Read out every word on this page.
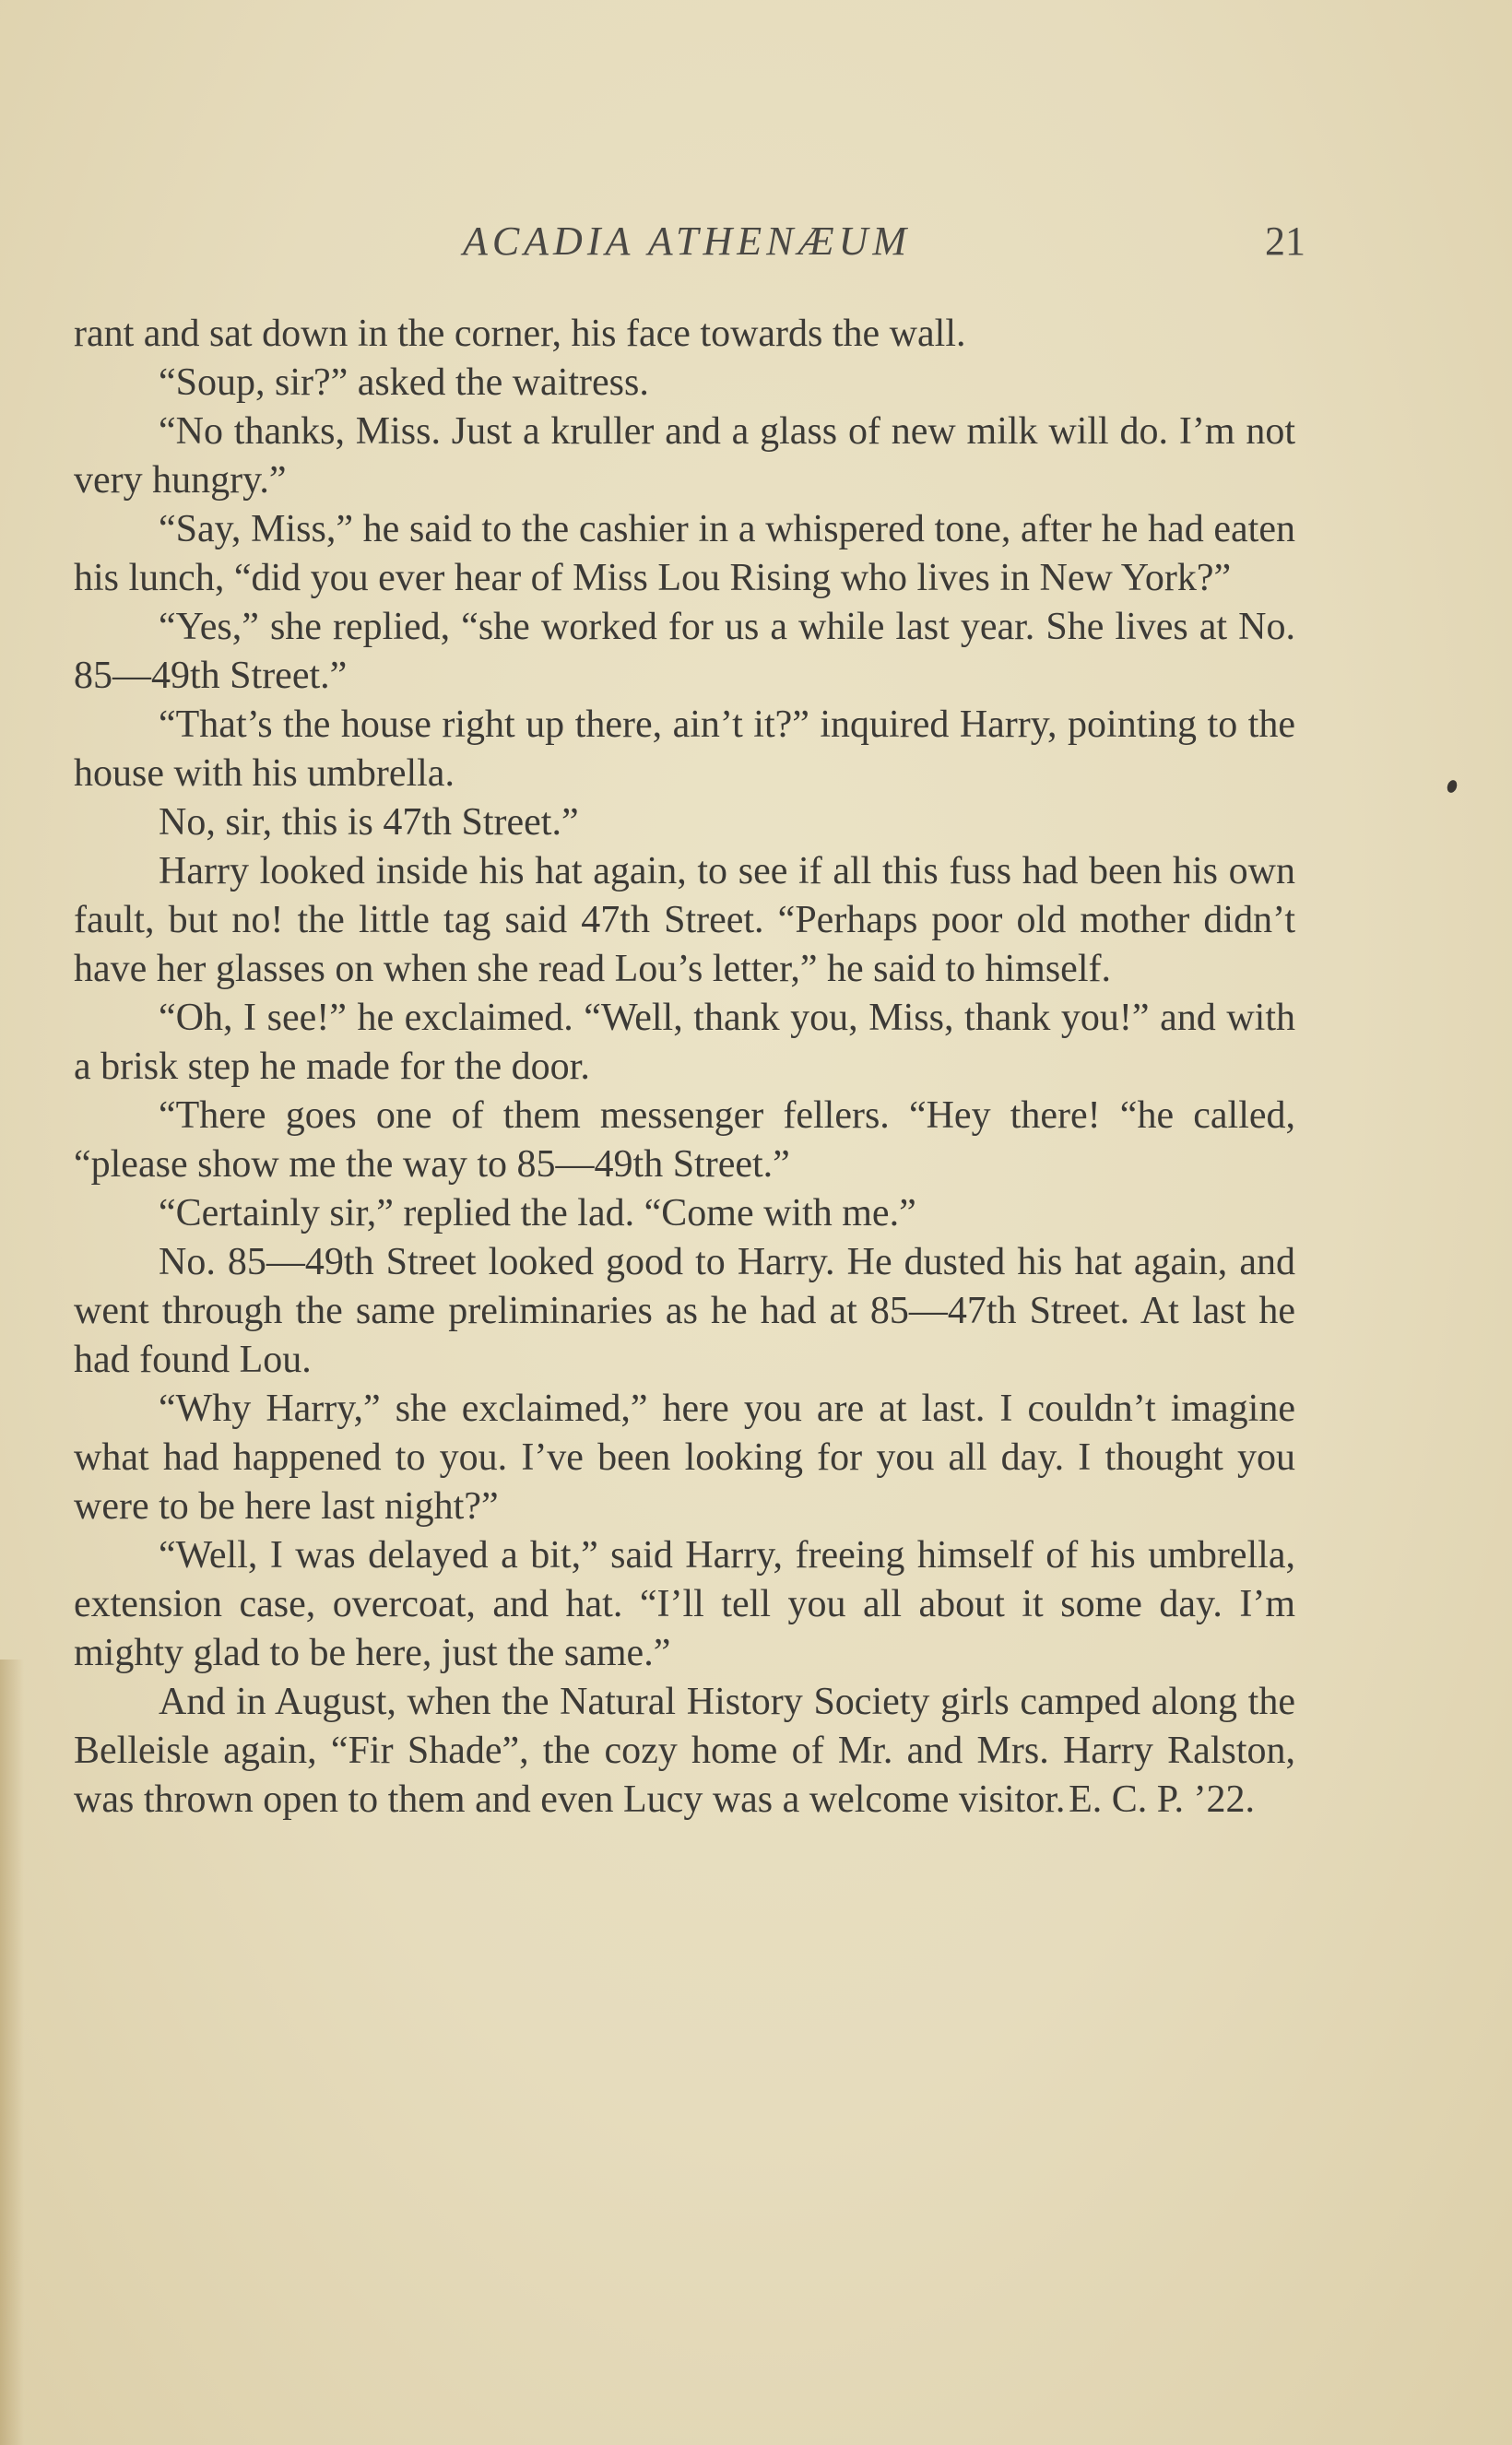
ACADIA ATHENÆUM	21

rant and sat down in the corner, his face towards the wall.

“Soup, sir?” asked the waitress.

“No thanks, Miss. Just a kruller and a glass of new milk will do. I’m not very hungry.”

“Say, Miss,” he said to the cashier in a whispered tone, after he had eaten his lunch, “did you ever hear of Miss Lou Rising who lives in New York?”

“Yes,” she replied, “she worked for us a while last year. She lives at No. 85—49th Street.”

“That’s the house right up there, ain’t it?” inquired Harry, pointing to the house with his umbrella.

No, sir, this is 47th Street.”

Harry looked inside his hat again, to see if all this fuss had been his own fault, but no! the little tag said 47th Street. “Perhaps poor old mother didn’t have her glasses on when she read Lou’s letter,” he said to himself.

“Oh, I see!” he exclaimed. “Well, thank you, Miss, thank you!” and with a brisk step he made for the door.

“There goes one of them messenger fellers. “Hey there! “he called, “please show me the way to 85—49th Street.”

“Certainly sir,” replied the lad. “Come with me.”

No. 85—49th Street looked good to Harry. He dusted his hat again, and went through the same preliminaries as he had at 85—47th Street. At last he had found Lou.

“Why Harry,” she exclaimed,” here you are at last. I couldn’t imagine what had happened to you. I’ve been looking for you all day. I thought you were to be here last night?”

“Well, I was delayed a bit,” said Harry, freeing himself of his umbrella, extension case, overcoat, and hat. “I’ll tell you all about it some day. I’m mighty glad to be here, just the same.”

And in August, when the Natural History Society girls camped along the Belleisle again, “Fir Shade”, the cozy home of Mr. and Mrs. Harry Ralston, was thrown open to them and even Lucy was a welcome visitor. E. C. P. ’22.
